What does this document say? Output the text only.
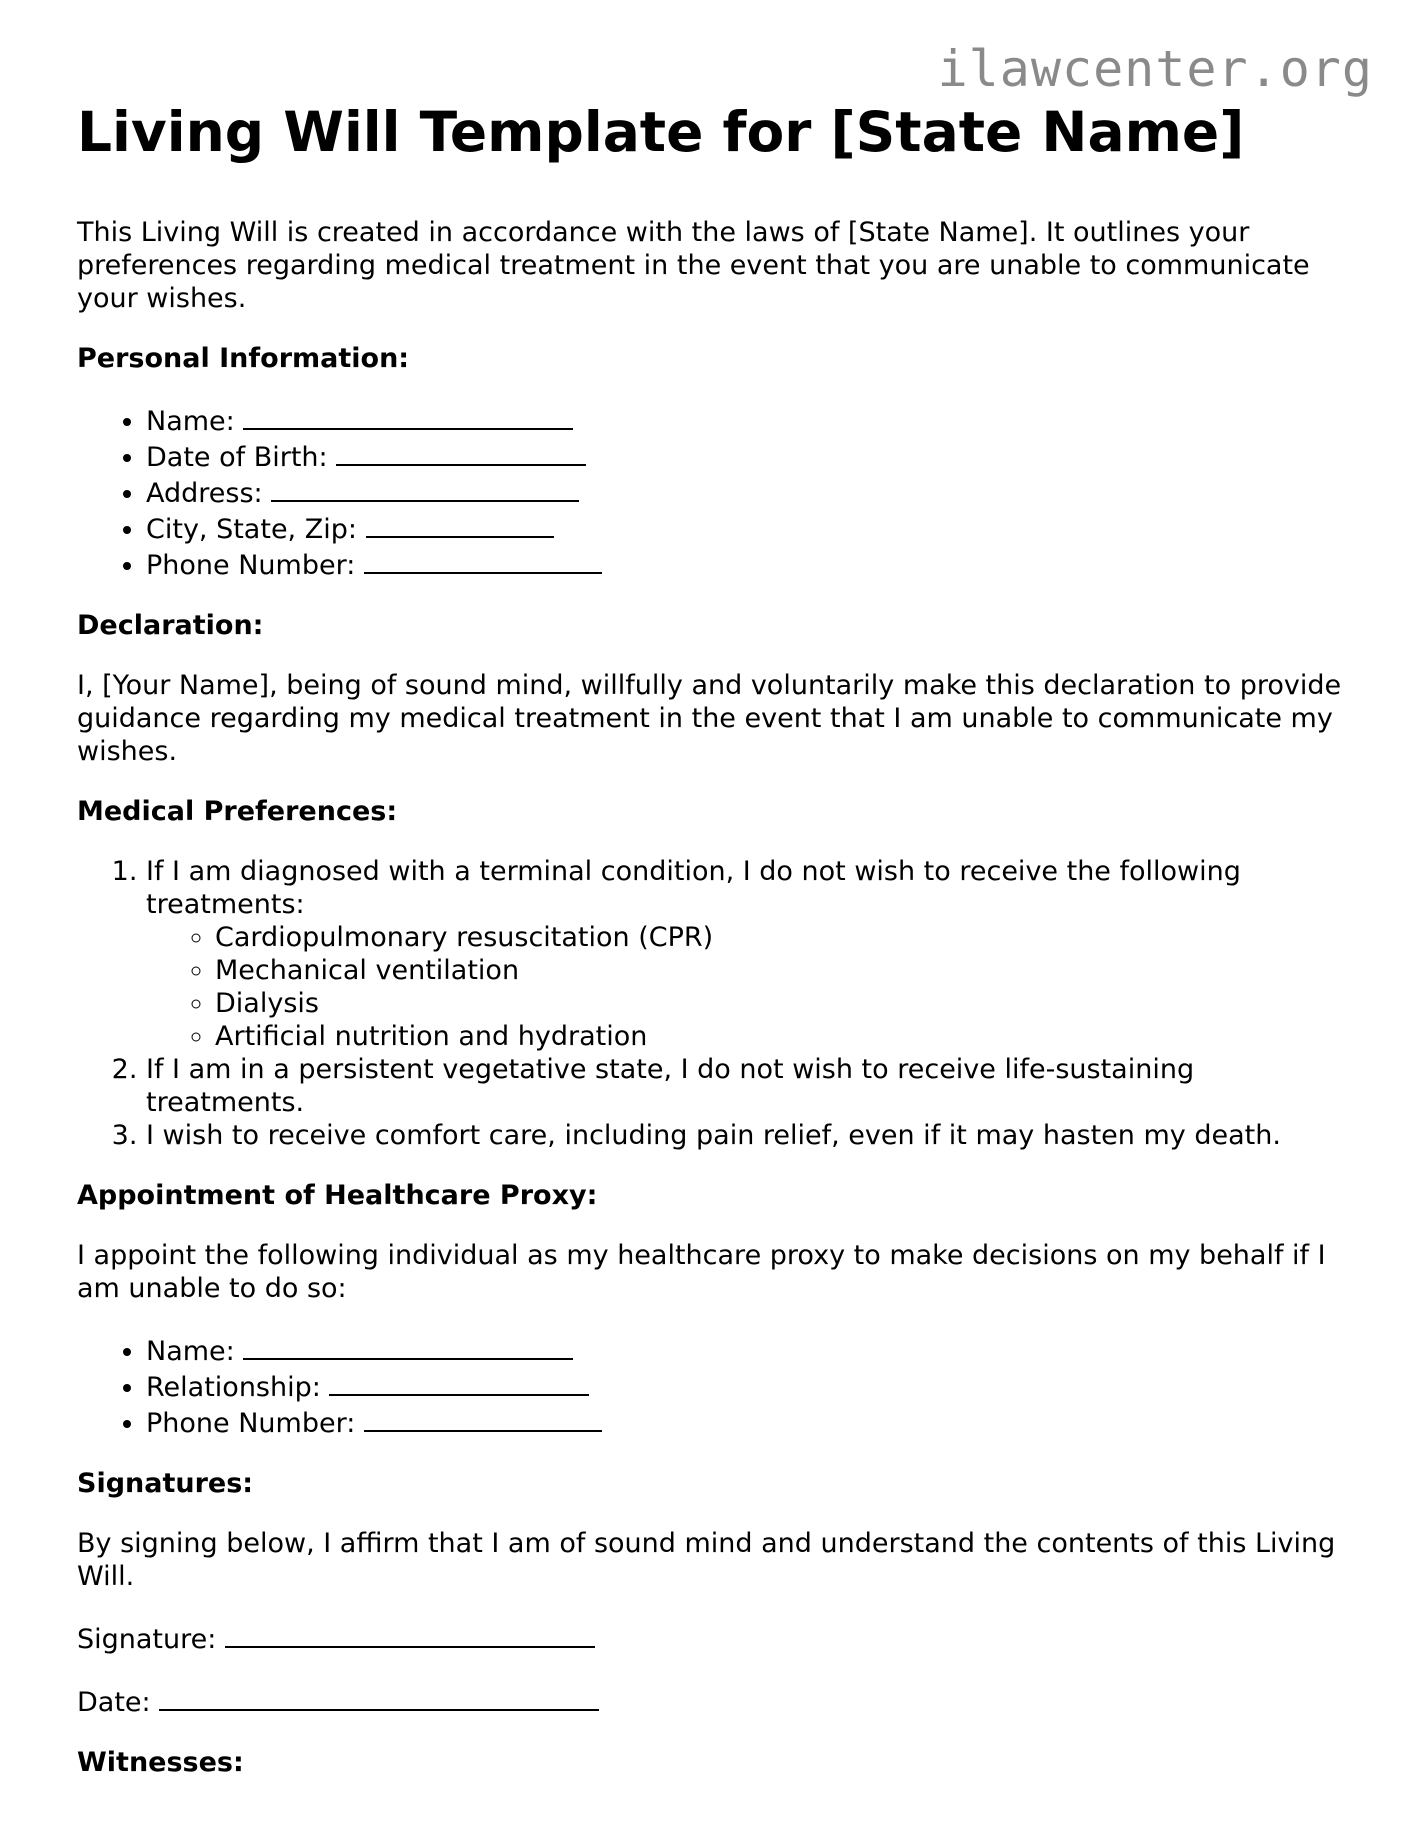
ilawcenter.org
Living Will Template for [State Name]

This Living Will is created in accordance with the laws of [State Name]. It outlines your preferences regarding medical treatment in the event that you are unable to communicate your wishes.

Personal Information:
• Name:
• Date of Birth:
• Address:
• City, State, Zip:
• Phone Number:
Declaration:

I, [Your Name], being of sound mind, willfully and voluntarily make this declaration to provide guidance regarding my medical treatment in the event that I am unable to communicate my wishes.

Medical Preferences:
1. If I am diagnosed with a terminal condition, I do not wish to receive the following treatments:
◦ Cardiopulmonary resuscitation (CPR)
◦ Mechanical ventilation
◦ Dialysis
◦ Artificial nutrition and hydration
2. If I am in a persistent vegetative state, I do not wish to receive life-sustaining treatments.
3. I wish to receive comfort care, including pain relief, even if it may hasten my death.
Appointment of Healthcare Proxy:

I appoint the following individual as my healthcare proxy to make decisions on my behalf if I am unable to do so:

• Name:
• Relationship:
• Phone Number:
Signatures:

By signing below, I affirm that I am of sound mind and understand the contents of this Living Will.

Signature:

Date:

Witnesses:
